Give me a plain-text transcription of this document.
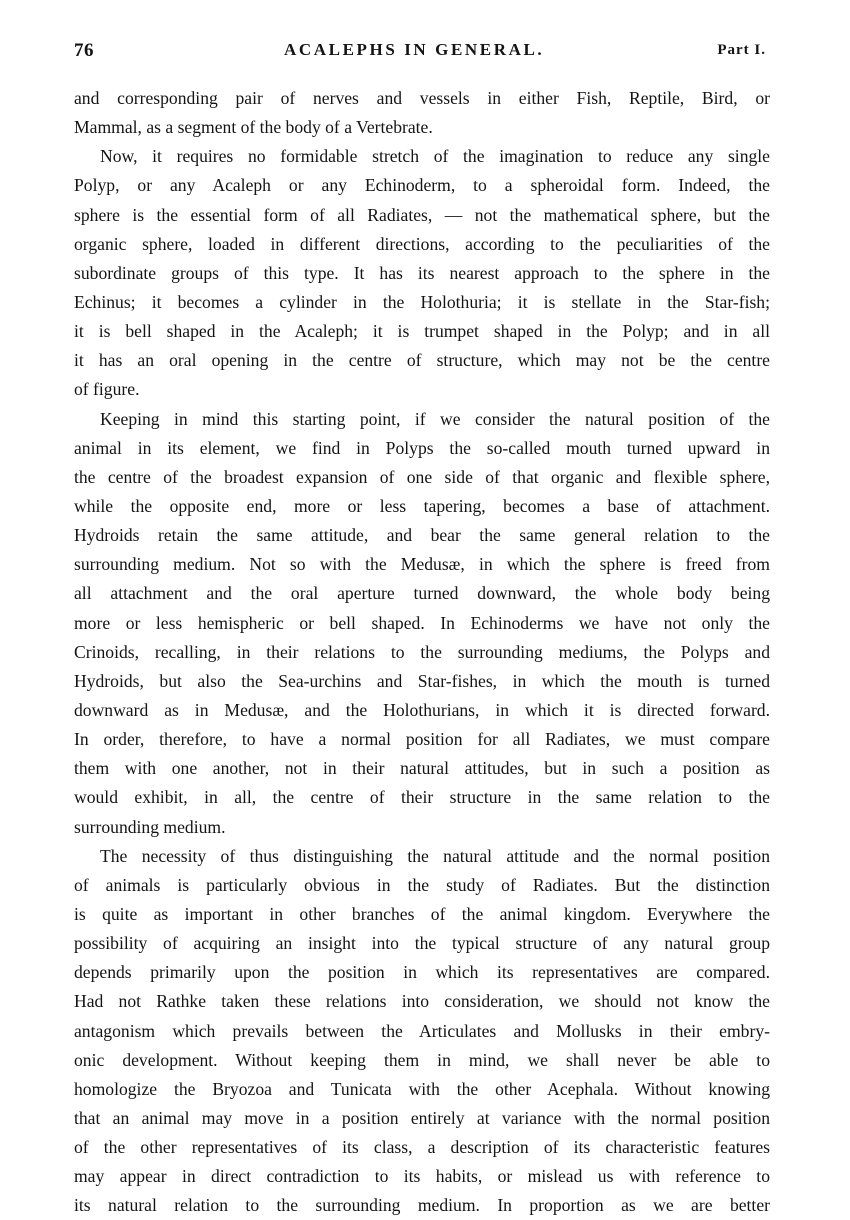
76	ACALEPHS IN GENERAL.	Part I.
and corresponding pair of nerves and vessels in either Fish, Reptile, Bird, or
Mammal, as a segment of the body of a Vertebrate.
Now, it requires no formidable stretch of the imagination to reduce any single
Polyp, or any Acaleph or any Echinoderm, to a spheroidal form. Indeed, the
sphere is the essential form of all Radiates, — not the mathematical sphere, but the
organic sphere, loaded in different directions, according to the peculiarities of the
subordinate groups of this type. It has its nearest approach to the sphere in the
Echinus; it becomes a cylinder in the Holothuria; it is stellate in the Star-fish;
it is bell shaped in the Acaleph; it is trumpet shaped in the Polyp; and in all
it has an oral opening in the centre of structure, which may not be the centre
of figure.
Keeping in mind this starting point, if we consider the natural position of the
animal in its element, we find in Polyps the so-called mouth turned upward in
the centre of the broadest expansion of one side of that organic and flexible sphere,
while the opposite end, more or less tapering, becomes a base of attachment.
Hydroids retain the same attitude, and bear the same general relation to the
surrounding medium. Not so with the Medusæ, in which the sphere is freed from
all attachment and the oral aperture turned downward, the whole body being
more or less hemispheric or bell shaped. In Echinoderms we have not only the
Crinoids, recalling, in their relations to the surrounding mediums, the Polyps and
Hydroids, but also the Sea-urchins and Star-fishes, in which the mouth is turned
downward as in Medusæ, and the Holothurians, in which it is directed forward.
In order, therefore, to have a normal position for all Radiates, we must compare
them with one another, not in their natural attitudes, but in such a position as
would exhibit, in all, the centre of their structure in the same relation to the
surrounding medium.
The necessity of thus distinguishing the natural attitude and the normal position
of animals is particularly obvious in the study of Radiates. But the distinction
is quite as important in other branches of the animal kingdom. Everywhere the
possibility of acquiring an insight into the typical structure of any natural group
depends primarily upon the position in which its representatives are compared.
Had not Rathke taken these relations into consideration, we should not know the
antagonism which prevails between the Articulates and Mollusks in their embry-
onic development. Without keeping them in mind, we shall never be able to
homologize the Bryozoa and Tunicata with the other Acephala. Without knowing
that an animal may move in a position entirely at variance with the normal position
of the other representatives of its class, a description of its characteristic features
may appear in direct contradiction to its habits, or mislead us with reference to
its natural relation to the surrounding medium. In proportion as we are better
